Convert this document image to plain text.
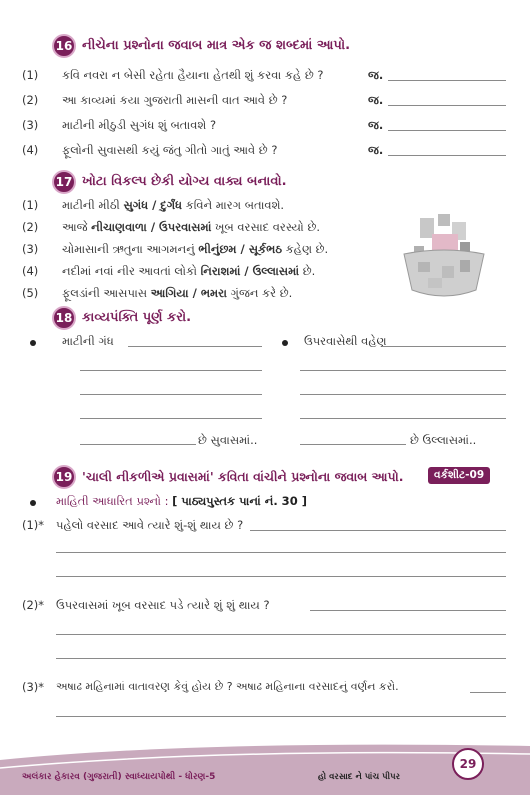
16 નીચેના પ્રશ્નોના જવાબ માત્ર એક જ શબ્દમાં આપો.
(1) કવિ નવરા ન બેસી રહેતા હૈયાના હેતથી શું કરવા કહે છે ?	જ.
(2) આ કાવ્યમાં કયા ગુજરાતી માસની વાત આવે છે ?	જ.
(3) માટીની મીઠુડી સુગંધ શું બતાવશે ?	જ.
(4) ફૂલોની સુવાસથી કયું જંતુ ગીતો ગાતું આવે છે ?	જ.
17 ખોટા વિકલ્પ છેકી યોગ્ય વાક્ય બનાવો.
(1) માટીની મીઠી સુગંધ / દુર્ગંધ કવિને મારગ બતાવશે.
(2) આજે નીચાણવાળા / ઉપરવાસમાં ખૂબ વરસાદ વરસ્યો છે.
(3) ચોમાસાની ઋતુના આગમનનું ભીનુંછમ / સૂર્કભઠ કહેણ છે.
(4) નદીમાં નવાં નીર આવતાં લોકો નિરાશમાં / ઉલ્લાસમાં છે.
(5) ફૂલડાંની આસપાસ આગિયા / ભમરા ગુંજન કરે છે.
18 કાવ્યપંક્તિ પૂર્ણ કરો.
માટીની ગંધ
છે સુવાસમાં..
ઉપરવાસેથી વહેણ
છે ઉલ્લાસમાં..
19 'ચાલી નીકળીએ પ્રવાસમાં' કવિતા વાંચીને પ્રશ્નોના જવાબ આપો.	વર્કશીટ-09
માહિતી આધારિત પ્રશ્નો : [ પાઠ્યપુસ્તક પાનાં નં. 30 ]
(1)* પહેલો વરસાદ આવે ત્યારે શું-શું થાય છે ?
(2)* ઉપરવાસમાં ખૂબ વરસાદ પડે ત્યારે શું શું થાય ?
(3)* અષાઢ મહિનામાં વાતાવરણ કેવું હોય છે ? અષાઢ મહિનાના વરસાદનું વર્ણન કરો.
અલંકાર હેકારવ (ગુજરાતી) સ્વાધ્યાયપોથી - ધોરણ-5	હો વરસાદ ને પાંચ પીપર
29
